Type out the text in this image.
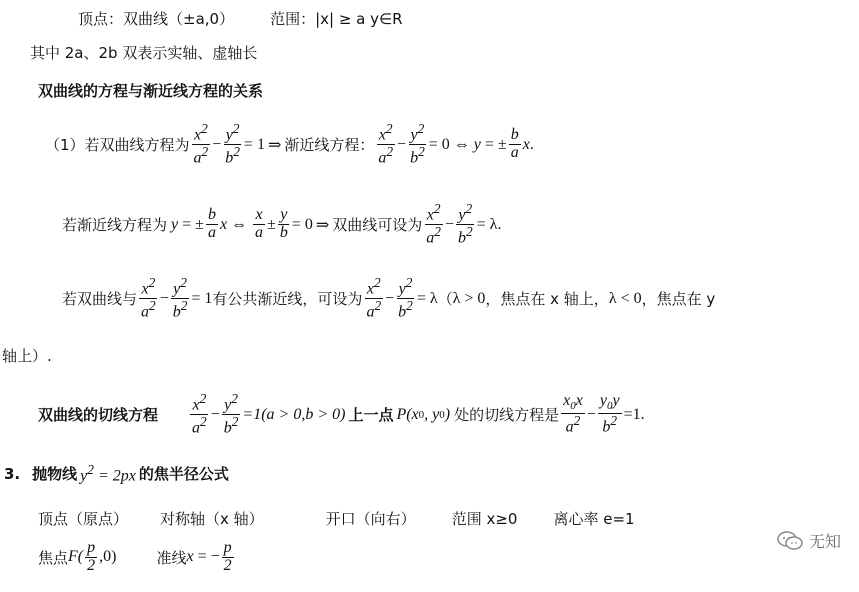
顶点：双曲线（±a,0） 范围：|x| ≥ a y∈R
其中 2a、2b 双表示实轴、虚轴长
双曲线的方程与渐近线方程的关系
（1）若双曲线方程为 $\frac{x^2}{a^2} - \frac{y^2}{b^2} = 1$ ⇒ 渐近线方程： $\frac{x^2}{a^2} - \frac{y^2}{b^2} = 0$ ⇔ y = ± $\frac{b}{a}$ x .
若渐近线方程为 y = ± $\frac{b}{a}$ x ⇔ $\frac{x}{a} \pm \frac{y}{b} = 0$ ⇒ 双曲线可设为 $\frac{x^2}{a^2} - \frac{y^2}{b^2} = \lambda$ .
若双曲线与 $\frac{x^2}{a^2} - \frac{y^2}{b^2} = 1$ 有公共渐近线，可设为 $\frac{x^2}{a^2} - \frac{y^2}{b^2} = \lambda$ （ λ > 0 ，焦点在 x 轴上， λ < 0 ，焦点在 y
轴上）.
双曲线的切线方程 $\frac{x^2}{a^2} - \frac{y^2}{b^2} =1(a > 0,b > 0)$ 上一点 P(x 0 , y 0 ) 处的切线方程是 $\frac{x_0x}{a^2} - \frac{y_0y}{b^2} =1$.
3. 抛物线 $y^2 = 2px$ 的焦半径公式
顶点（原点） 对称轴（x 轴）	开口（向右） 范围 x≥0 离心率 e=1
焦点 $F( \frac{p}{2} ,0)$	准线 x = − $\frac{p}{2}$	无知
